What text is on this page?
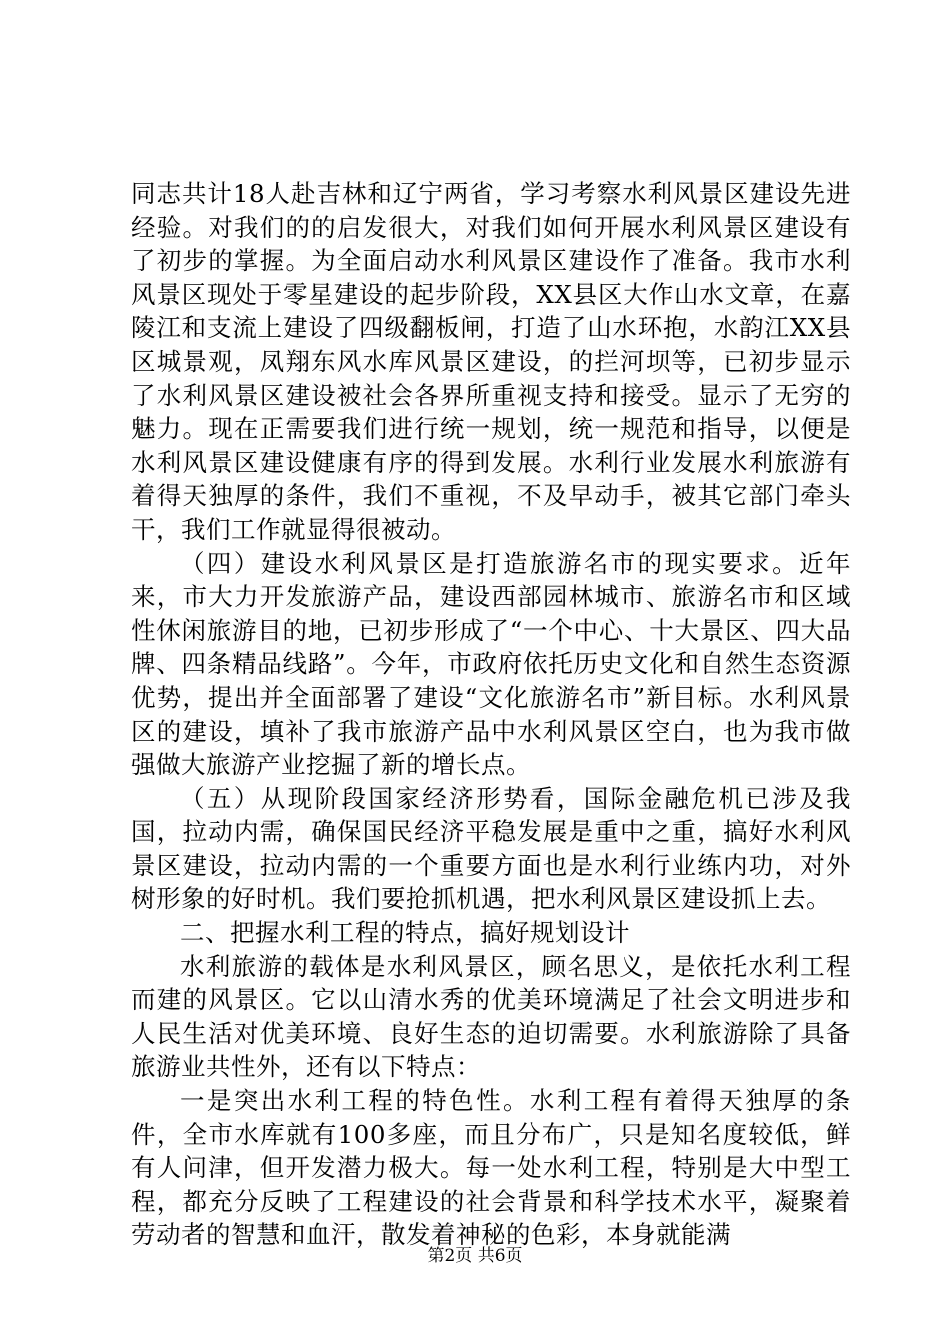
同志共计18人赴吉林和辽宁两省，学习考察水利风景区建设先进经验。对我们的的启发很大，对我们如何开展水利风景区建设有了初步的掌握。为全面启动水利风景区建设作了准备。我市水利风景区现处于零星建设的起步阶段，XX县区大作山水文章，在嘉陵江和支流上建设了四级翻板闸，打造了山水环抱，水韵江XX县区城景观，凤翔东风水库风景区建设，的拦河坝等，已初步显示了水利风景区建设被社会各界所重视支持和接受。显示了无穷的魅力。现在正需要我们进行统一规划，统一规范和指导，以便是水利风景区建设健康有序的得到发展。水利行业发展水利旅游有着得天独厚的条件，我们不重视，不及早动手，被其它部门牵头干，我们工作就显得很被动。

（四）建设水利风景区是打造旅游名市的现实要求。近年来，市大力开发旅游产品，建设西部园林城市、旅游名市和区域性休闲旅游目的地，已初步形成了“一个中心、十大景区、四大品牌、四条精品线路”。今年，市政府依托历史文化和自然生态资源优势，提出并全面部署了建设“文化旅游名市”新目标。水利风景区的建设，填补了我市旅游产品中水利风景区空白，也为我市做强做大旅游产业挖掘了新的增长点。

（五）从现阶段国家经济形势看，国际金融危机已涉及我国，拉动内需，确保国民经济平稳发展是重中之重，搞好水利风景区建设，拉动内需的一个重要方面也是水利行业练内功，对外树形象的好时机。我们要抢抓机遇，把水利风景区建设抓上去。

二、把握水利工程的特点，搞好规划设计

水利旅游的载体是水利风景区，顾名思义，是依托水利工程而建的风景区。它以山清水秀的优美环境满足了社会文明进步和人民生活对优美环境、良好生态的迫切需要。水利旅游除了具备旅游业共性外，还有以下特点：

一是突出水利工程的特色性。水利工程有着得天独厚的条件，全市水库就有100多座，而且分布广，只是知名度较低，鲜有人问津，但开发潜力极大。每一处水利工程，特别是大中型工程，都充分反映了工程建设的社会背景和科学技术水平，凝聚着劳动者的智慧和血汗，散发着神秘的色彩，本身就能满

第2页 共6页
